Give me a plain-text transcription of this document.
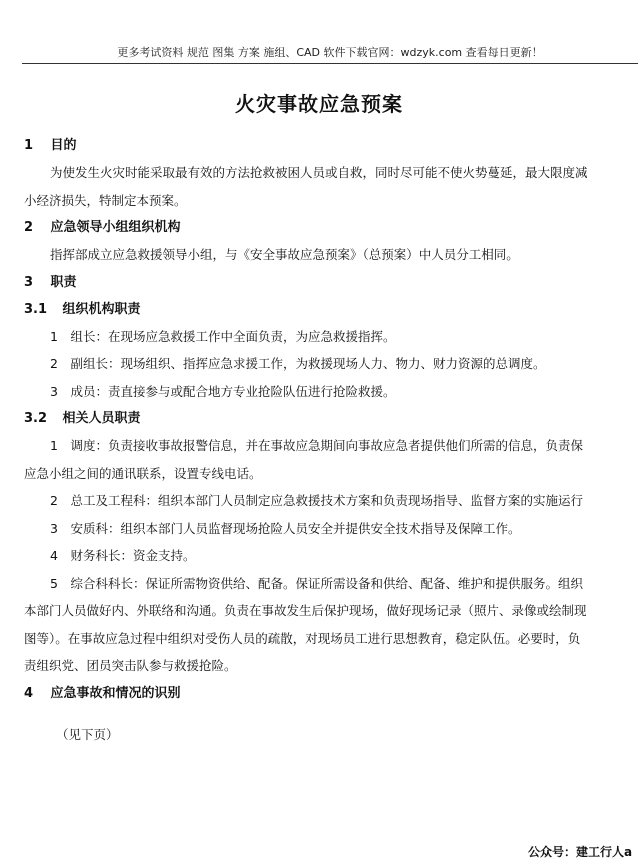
更多考试资料 规范 图集 方案 施组、CAD 软件下载官网：wdzyk.com 查看每日更新！
火灾事故应急预案
1 目的
为使发生火灾时能采取最有效的方法抢救被困人员或自救，同时尽可能不使火势蔓延，最大限度减
小经济损失，特制定本预案。
2 应急领导小组组织机构
指挥部成立应急救援领导小组，与《安全事故应急预案》（总预案）中人员分工相同。
3 职责
3.1 组织机构职责
1　组长：在现场应急救援工作中全面负责，为应急救援指挥。
2　副组长：现场组织、指挥应急求援工作，为救援现场人力、物力、财力资源的总调度。
3　成员：责直接参与或配合地方专业抢险队伍进行抢险救援。
3.2 相关人员职责
1　调度：负责接收事故报警信息，并在事故应急期间向事故应急者提供他们所需的信息，负责保
应急小组之间的通讯联系，设置专线电话。
2　总工及工程科：组织本部门人员制定应急救援技术方案和负责现场指导、监督方案的实施运行
3　安质科：组织本部门人员监督现场抢险人员安全并提供安全技术指导及保障工作。
4　财务科长：资金支持。
5　综合科科长：保证所需物资供给、配备。保证所需设备和供给、配备、维护和提供服务。组织
本部门人员做好内、外联络和沟通。负责在事故发生后保护现场，做好现场记录（照片、录像或绘制现
图等）。在事故应急过程中组织对受伤人员的疏散，对现场员工进行思想教育，稳定队伍。必要时，负
责组织党、团员突击队参与救援抢险。
4 应急事故和情况的识别
（见下页）
公众号：建工行人a
